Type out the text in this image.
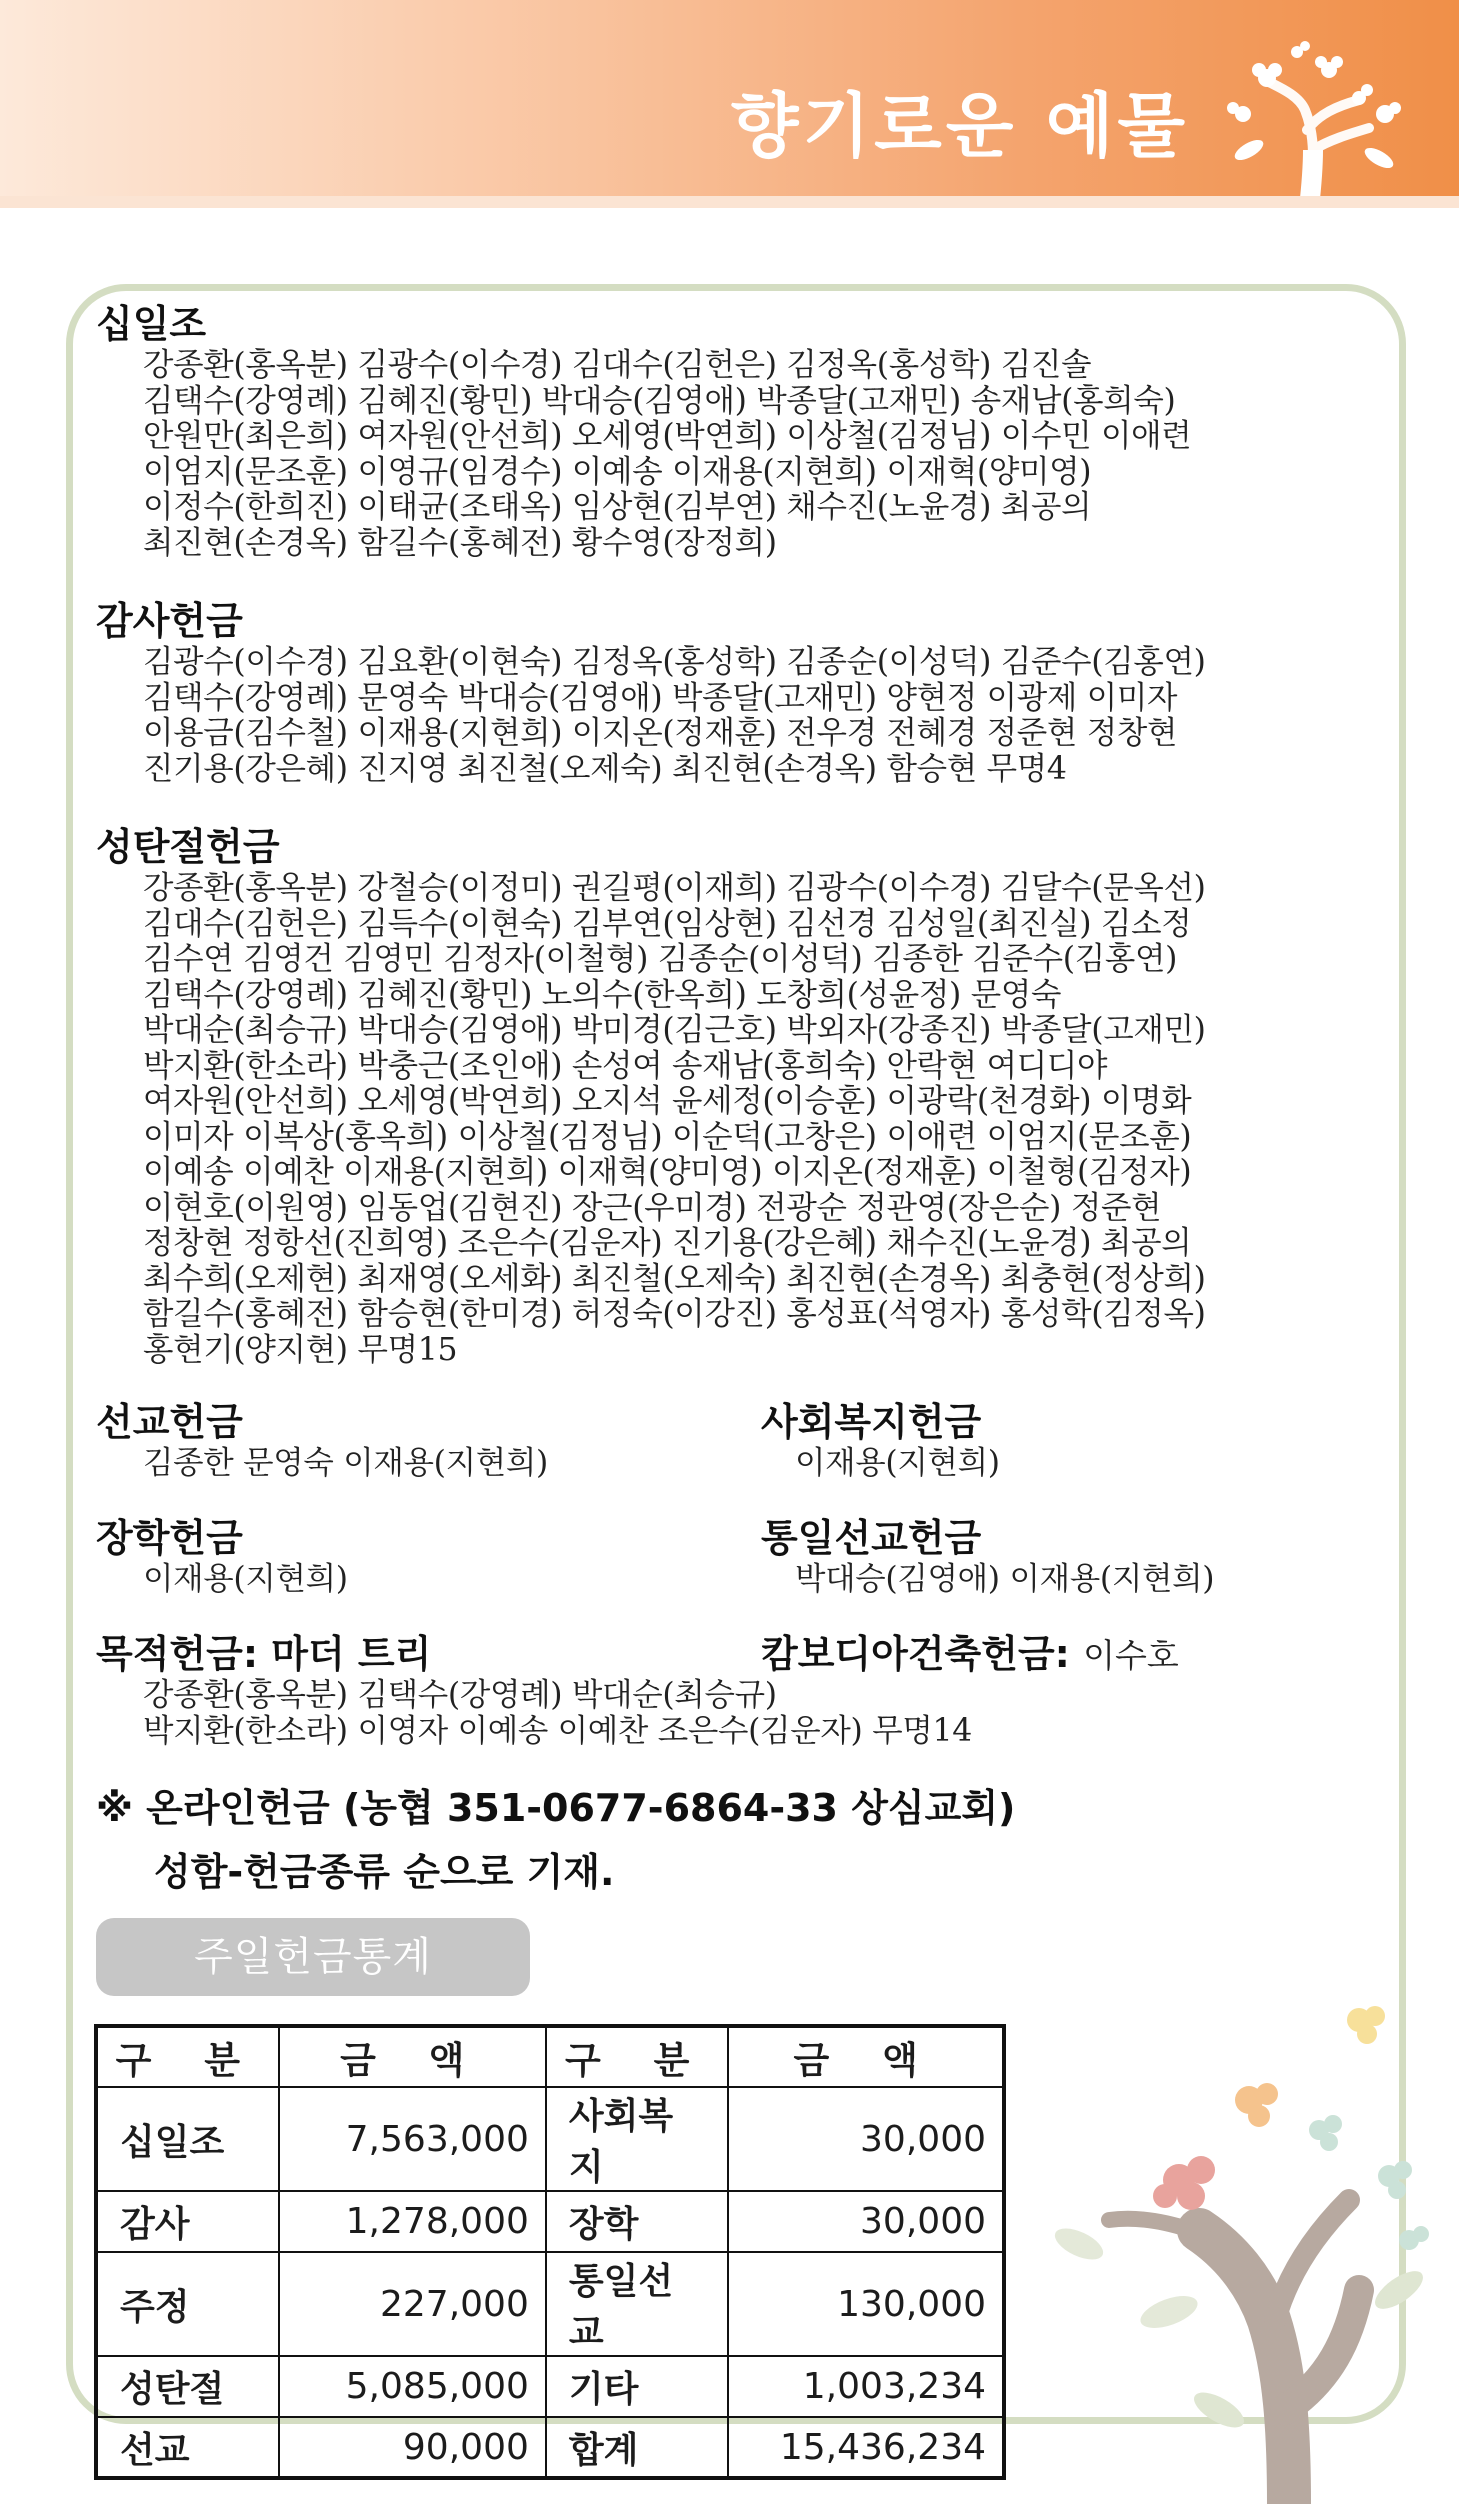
향기로운 예물
십일조

강종환(홍옥분) 김광수(이수경) 김대수(김헌은) 김정옥(홍성학) 김진솔

김택수(강영례) 김혜진(황민) 박대승(김영애) 박종달(고재민) 송재남(홍희숙)

안원만(최은희) 여자원(안선희) 오세영(박연희) 이상철(김정님) 이수민 이애련

이엄지(문조훈) 이영규(임경수) 이예송 이재용(지현희) 이재혁(양미영)

이정수(한희진) 이태균(조태옥) 임상현(김부연) 채수진(노윤경) 최공의

최진현(손경옥) 함길수(홍혜전) 황수영(장정희)

감사헌금

김광수(이수경) 김요환(이현숙) 김정옥(홍성학) 김종순(이성덕) 김준수(김홍연)

김택수(강영례) 문영숙 박대승(김영애) 박종달(고재민) 양현정 이광제 이미자

이용금(김수철) 이재용(지현희) 이지온(정재훈) 전우경 전혜경 정준현 정창현

진기용(강은혜) 진지영 최진철(오제숙) 최진현(손경옥) 함승현 무명4

성탄절헌금

강종환(홍옥분) 강철승(이정미) 권길평(이재희) 김광수(이수경) 김달수(문옥선)

김대수(김헌은) 김득수(이현숙) 김부연(임상현) 김선경 김성일(최진실) 김소정

김수연 김영건 김영민 김정자(이철형) 김종순(이성덕) 김종한 김준수(김홍연)

김택수(강영례) 김혜진(황민) 노의수(한옥희) 도창희(성윤정) 문영숙

박대순(최승규) 박대승(김영애) 박미경(김근호) 박외자(강종진) 박종달(고재민)

박지환(한소라) 박충근(조인애) 손성여 송재남(홍희숙) 안락현 여디디야

여자원(안선희) 오세영(박연희) 오지석 윤세정(이승훈) 이광락(천경화) 이명화

이미자 이복상(홍옥희) 이상철(김정님) 이순덕(고창은) 이애련 이엄지(문조훈)

이예송 이예찬 이재용(지현희) 이재혁(양미영) 이지온(정재훈) 이철형(김정자)

이현호(이원영) 임동업(김현진) 장근(우미경) 전광순 정관영(장은순) 정준현

정창현 정항선(진희영) 조은수(김운자) 진기용(강은혜) 채수진(노윤경) 최공의

최수희(오제현) 최재영(오세화) 최진철(오제숙) 최진현(손경옥) 최충현(정상희)

함길수(홍혜전) 함승현(한미경) 허정숙(이강진) 홍성표(석영자) 홍성학(김정옥)

홍현기(양지현) 무명15

선교헌금

김종한 문영숙 이재용(지현희)

사회복지헌금

이재용(지현희)

장학헌금

이재용(지현희)

통일선교헌금

박대승(김영애) 이재용(지현희)

목적헌금: 마더 트리

강종환(홍옥분) 김택수(강영례) 박대순(최승규)

박지환(한소라) 이영자 이예송 이예찬 조은수(김운자) 무명14

캄보디아건축헌금: 이수호
※ 온라인헌금 (농협 351-0677-6864-33 상심교회)
성함-헌금종류 순으로 기재.
주일헌금통계
구 분	금 액	구 분	금 액
십일조	7,563,000	사회복지	30,000
감사	1,278,000	장학	30,000
주정	227,000	통일선교	130,000
성탄절	5,085,000	기타	1,003,234
선교	90,000	합계	15,436,234
